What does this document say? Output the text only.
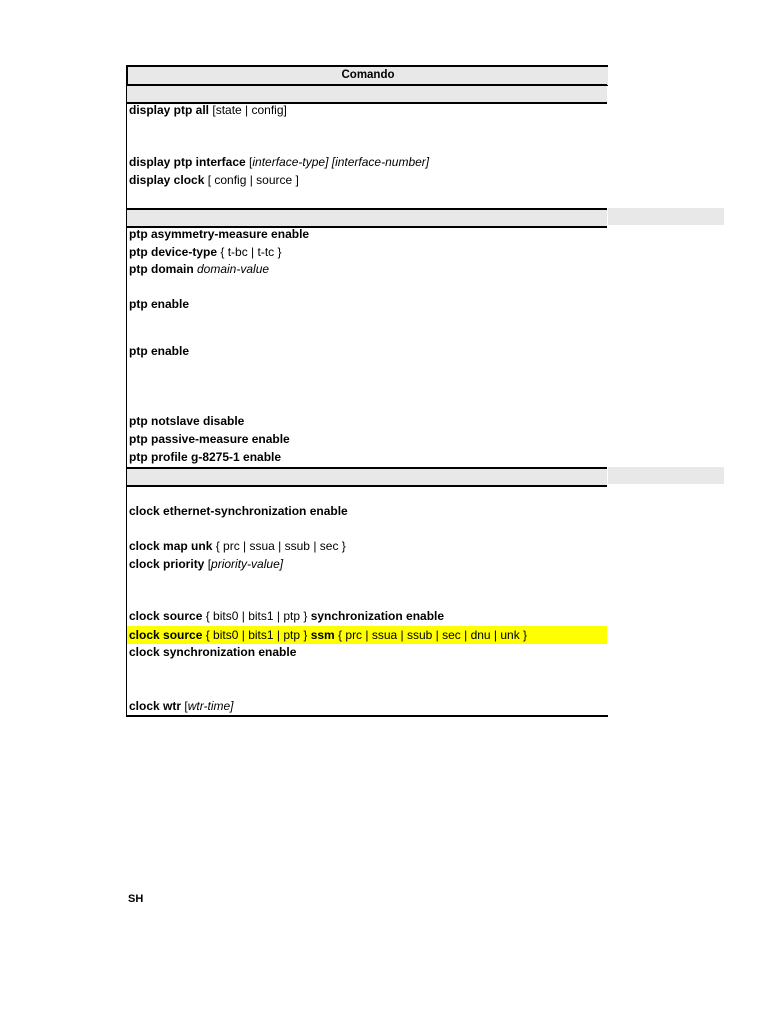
Comando
display ptp all [state | config]
display ptp interface [interface-type] [interface-number]
display clock [ config | source ]
ptp asymmetry-measure enable
ptp device-type { t-bc | t-tc }
ptp domain domain-value
ptp enable
ptp enable
ptp notslave disable
ptp passive-measure enable
ptp profile g-8275-1 enable
clock ethernet-synchronization enable
clock map unk { prc | ssua | ssub | sec }
clock priority [priority-value]
clock source { bits0 | bits1 | ptp } synchronization enable
clock source { bits0 | bits1 | ptp } ssm { prc | ssua | ssub | sec | dnu | unk }
clock synchronization enable
clock wtr [wtr-time]
SH
